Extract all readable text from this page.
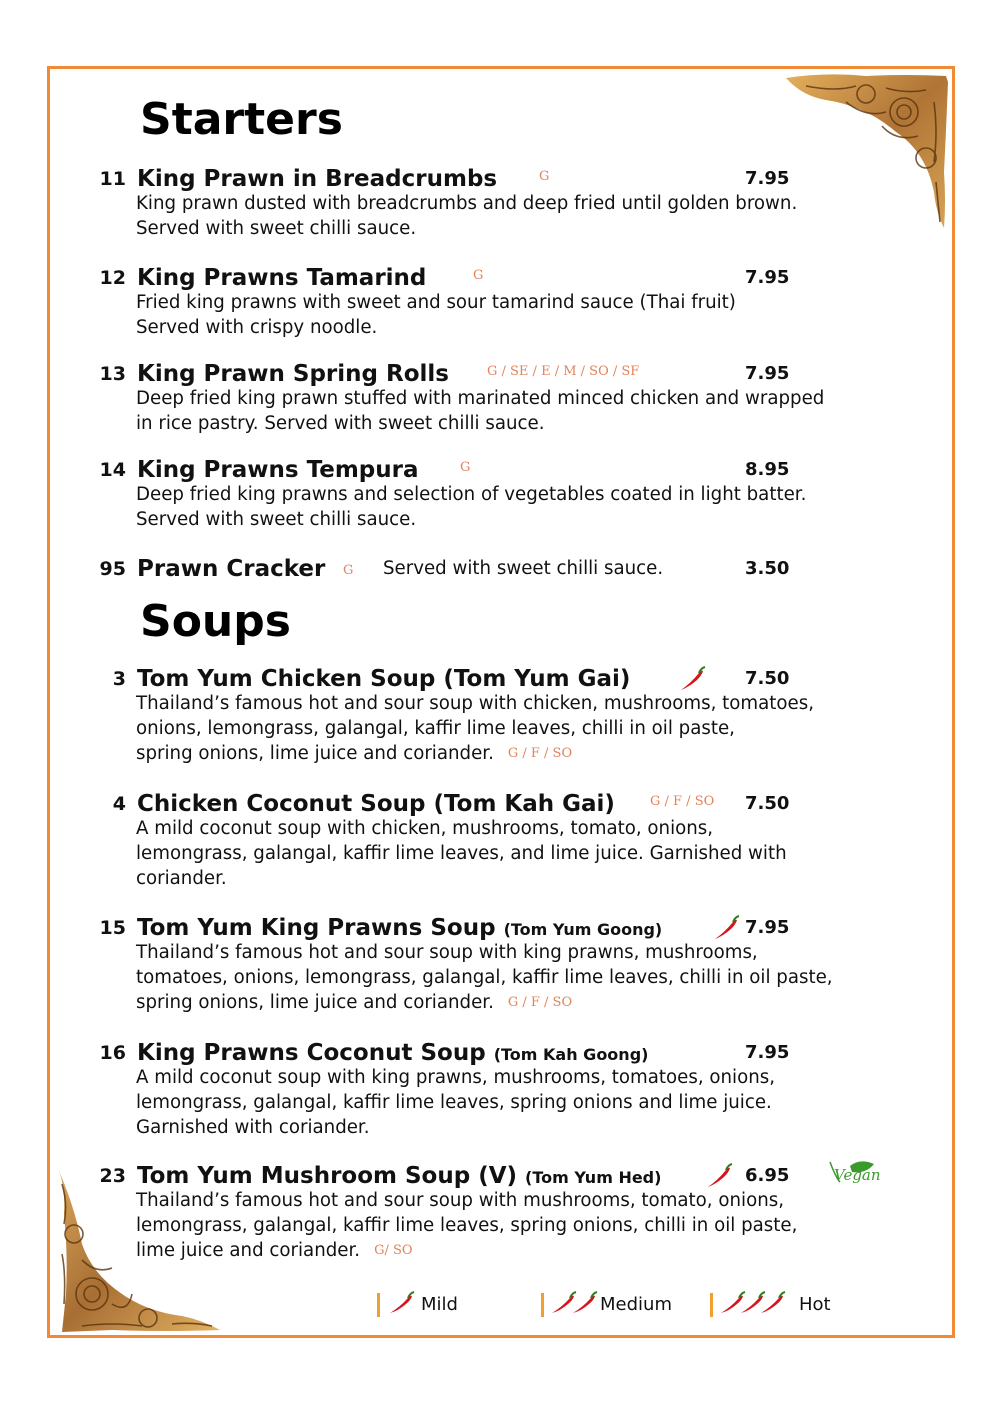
Starters
Soups
11 King Prawn in Breadcrumbs	G	7.95
King prawn dusted with breadcrumbs and deep fried until golden brown.
Served with sweet chilli sauce.
12 King Prawns Tamarind	G	7.95
Fried king prawns with sweet and sour tamarind sauce (Thai fruit)
Served with crispy noodle.
13 King Prawn Spring Rolls	G / SE / E / M / SO / SF	7.95
Deep fried king prawn stuffed with marinated minced chicken and wrapped
in rice pastry. Served with sweet chilli sauce.
14 King Prawns Tempura	G	8.95
Deep fried king prawns and selection of vegetables coated in light batter.
Served with sweet chilli sauce.
95 Prawn Cracker G Served with sweet chilli sauce.	3.50
3 Tom Yum Chicken Soup (Tom Yum Gai)	7.50
Thailand’s famous hot and sour soup with chicken, mushrooms, tomatoes,
onions, lemongrass, galangal, kaffir lime leaves, chilli in oil paste,
spring onions, lime juice and coriander. G / F / SO
4 Chicken Coconut Soup (Tom Kah Gai)	G / F / SO 7.50
A mild coconut soup with chicken, mushrooms, tomato, onions,
lemongrass, galangal, kaffir lime leaves, and lime juice. Garnished with
coriander.
15 Tom Yum King Prawns Soup (Tom Yum Goong)	7.95
Thailand’s famous hot and sour soup with king prawns, mushrooms,
tomatoes, onions, lemongrass, galangal, kaffir lime leaves, chilli in oil paste,
spring onions, lime juice and coriander. G / F / SO
16 King Prawns Coconut Soup (Tom Kah Goong)	7.95
A mild coconut soup with king prawns, mushrooms, tomatoes, onions,
lemongrass, galangal, kaffir lime leaves, spring onions and lime juice.
Garnished with coriander.
23 Tom Yum Mushroom Soup (V) (Tom Yum Hed)	6.95	Vegan
Thailand’s famous hot and sour soup with mushrooms, tomato, onions,
lemongrass, galangal, kaffir lime leaves, spring onions, chilli in oil paste,
lime juice and coriander. G/ SO
Mild	Medium	Hot
